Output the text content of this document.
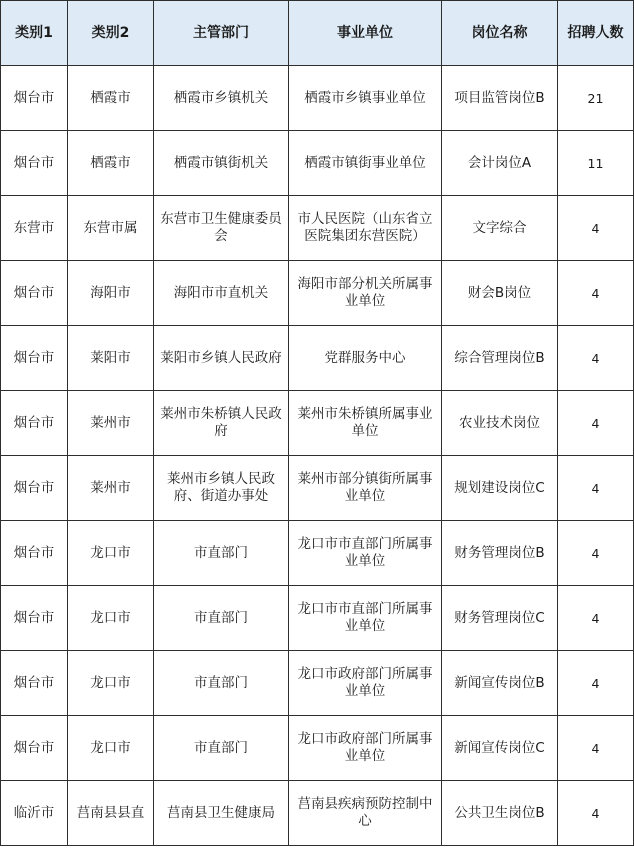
类别1	类别2	主管部门	事业单位	岗位名称	招聘人数
烟台市	栖霞市	栖霞市乡镇机关	栖霞市乡镇事业单位	项目监管岗位B	21
烟台市	栖霞市	栖霞市镇街机关	栖霞市镇街事业单位	会计岗位A	11
东营市	东营市属	东营市卫生健康委员会	市人民医院（山东省立医院集团东营医院）	文字综合	4
烟台市	海阳市	海阳市市直机关	海阳市部分机关所属事业单位	财会B岗位	4
烟台市	莱阳市	莱阳市乡镇人民政府	党群服务中心	综合管理岗位B	4
烟台市	莱州市	莱州市朱桥镇人民政府	莱州市朱桥镇所属事业单位	农业技术岗位	4
烟台市	莱州市	莱州市乡镇人民政府、街道办事处	莱州市部分镇街所属事业单位	规划建设岗位C	4
烟台市	龙口市	市直部门	龙口市市直部门所属事业单位	财务管理岗位B	4
烟台市	龙口市	市直部门	龙口市市直部门所属事业单位	财务管理岗位C	4
烟台市	龙口市	市直部门	龙口市政府部门所属事业单位	新闻宣传岗位B	4
烟台市	龙口市	市直部门	龙口市政府部门所属事业单位	新闻宣传岗位C	4
临沂市	莒南县县直	莒南县卫生健康局	莒南县疾病预防控制中心	公共卫生岗位B	4
